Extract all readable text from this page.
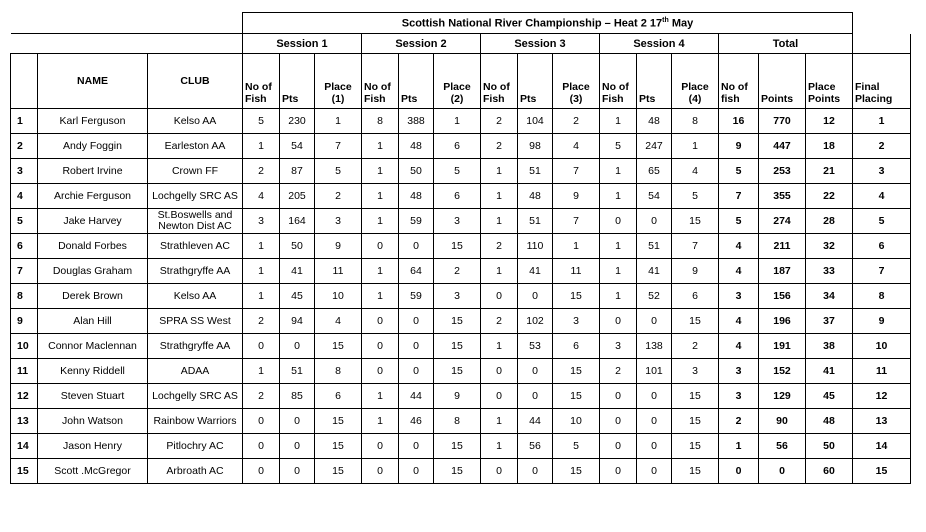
			Scottish National River Championship – Heat 2 17th May															
			Session 1			Session 2			Session 3			Session 4			Total			
	NAME	CLUB	No of Fish	Pts	Place (1)	No of Fish	Pts	Place (2)	No of Fish	Pts	Place (3)	No of Fish	Pts	Place (4)	No of fish	Points	Place Points	Final Placing
1	Karl Ferguson	Kelso AA	5	230	1	8	388	1	2	104	2	1	48	8	16	770	12	1
2	Andy Foggin	Earleston AA	1	54	7	1	48	6	2	98	4	5	247	1	9	447	18	2
3	Robert Irvine	Crown FF	2	87	5	1	50	5	1	51	7	1	65	4	5	253	21	3
4	Archie Ferguson	Lochgelly SRC AS	4	205	2	1	48	6	1	48	9	1	54	5	7	355	22	4
5	Jake Harvey	St.Boswells and Newton Dist AC	3	164	3	1	59	3	1	51	7	0	0	15	5	274	28	5
6	Donald Forbes	Strathleven AC	1	50	9	0	0	15	2	110	1	1	51	7	4	211	32	6
7	Douglas Graham	Strathgryffe AA	1	41	11	1	64	2	1	41	11	1	41	9	4	187	33	7
8	Derek Brown	Kelso AA	1	45	10	1	59	3	0	0	15	1	52	6	3	156	34	8
9	Alan Hill	SPRA SS West	2	94	4	0	0	15	2	102	3	0	0	15	4	196	37	9
10	Connor Maclennan	Strathgryffe AA	0	0	15	0	0	15	1	53	6	3	138	2	4	191	38	10
11	Kenny Riddell	ADAA	1	51	8	0	0	15	0	0	15	2	101	3	3	152	41	11
12	Steven Stuart	Lochgelly SRC AS	2	85	6	1	44	9	0	0	15	0	0	15	3	129	45	12
13	John Watson	Rainbow Warriors	0	0	15	1	46	8	1	44	10	0	0	15	2	90	48	13
14	Jason Henry	Pitlochry AC	0	0	15	0	0	15	1	56	5	0	0	15	1	56	50	14
15	Scott .McGregor	Arbroath AC	0	0	15	0	0	15	0	0	15	0	0	15	0	0	60	15
